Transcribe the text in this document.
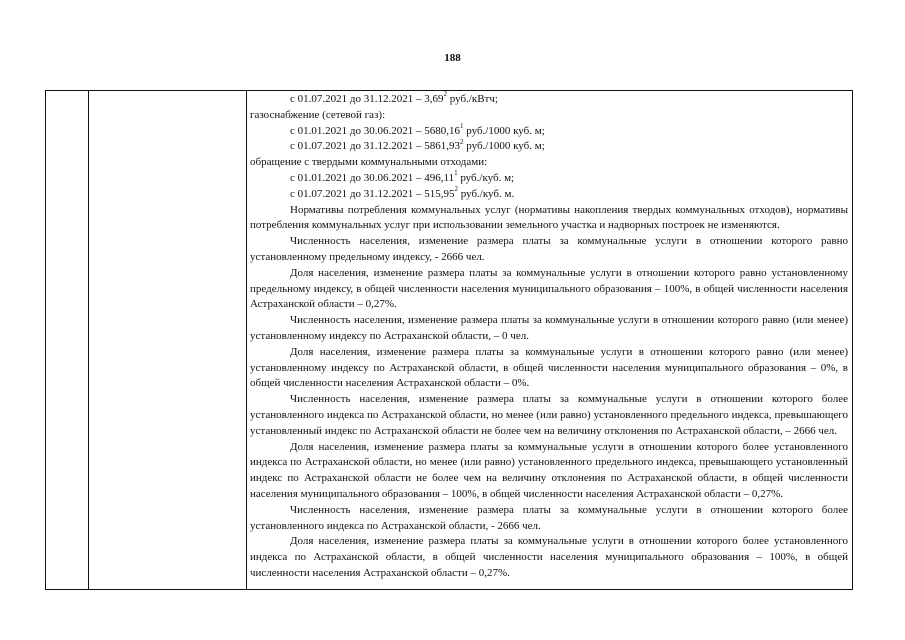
188

с 01.07.2021 до 31.12.2021 – 3,69$^2$ руб./кВтч;

газоснабжение (сетевой газ):

с 01.01.2021 до 30.06.2021 – 5680,16$^1$ руб./1000 куб. м;

с 01.07.2021 до 31.12.2021 – 5861,93$^2$ руб./1000 куб. м;

обращение с твердыми коммунальными отходами:

с 01.01.2021 до 30.06.2021 – 496,11$^1$ руб./куб. м;

с 01.07.2021 до 31.12.2021 – 515,95$^2$ руб./куб. м.

Нормативы потребления коммунальных услуг (нормативы накопления твердых коммунальных отходов), нормативы потребления коммунальных услуг при использовании земельного участка и надворных построек не изменяются.

Численность населения, изменение размера платы за коммунальные услуги в отношении которого равно установленному предельному индексу, - 2666 чел.

Доля населения, изменение размера платы за коммунальные услуги в отношении которого равно установленному предельному индексу, в общей численности населения муниципального образования – 100%, в общей численности населения Астраханской области – 0,27%.

Численность населения, изменение размера платы за коммунальные услуги в отношении которого равно (или менее) установленному индексу по Астраханской области, – 0 чел.

Доля населения, изменение размера платы за коммунальные услуги в отношении которого равно (или менее) установленному индексу по Астраханской области, в общей численности населения муниципального образования – 0%, в общей численности населения Астраханской области – 0%.

Численность населения, изменение размера платы за коммунальные услуги в отношении которого более установленного индекса по Астраханской области, но менее (или равно) установленного предельного индекса, превышающего установленный индекс по Астраханской области не более чем на величину отклонения по Астраханской области, – 2666 чел.

Доля населения, изменение размера платы за коммунальные услуги в отношении которого более установленного индекса по Астраханской области, но менее (или равно) установленного предельного индекса, превышающего установленный индекс по Астраханской области не более чем на величину отклонения по Астраханской области, в общей численности населения муниципального образования – 100%, в общей численности населения Астраханской области – 0,27%.

Численность населения, изменение размера платы за коммунальные услуги в отношении которого более установленного индекса по Астраханской области, - 2666 чел.

Доля населения, изменение размера платы за коммунальные услуги в отношении которого более установленного индекса по Астраханской области, в общей численности населения муниципального образования – 100%, в общей численности населения Астраханской области – 0,27%.
